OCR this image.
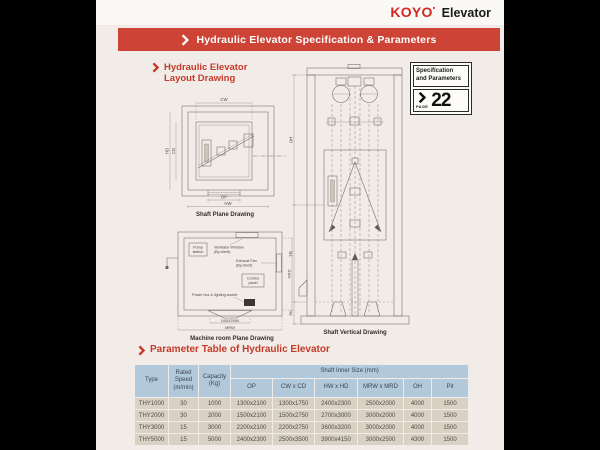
KOYO• Elevator
Hydraulic Elevator Specification & Parameters
Hydraulic Elevator
Layout Drawing
Specification
and Parameters
PAGE 22
CW
HD CD
OP
HW
Shaft Plane Drawing
Pump
station
Ventilator Window
(By client)
Exhaust Fan
(By client)
Control
panel
Power box & lighting socket
1000/2000
MRW
MRD
Machine room Plane Drawing
OH
TR
Pit
Shaft Vertical Drawing
Parameter Table of Hydraulic Elevator
Type	Rated Speed (m/min)	Capacity (Kg)	Shaft Inner Size (mm)					
			OP	CW x CD	HW x HD	MRW x MRD	OH	Pit
THY1000	30	1000	1300x2100	1300x1750	2400x2300	2500x2000	4000	1500
THY2000	30	2000	1500x2100	1500x2750	2700x3000	3000x2000	4000	1500
THY3000	15	3000	2200x2100	2200x2750	3600x3200	3000x2000	4000	1500
THY5000	15	5000	2400x2300	2500x3500	3900x4150	3000x2500	4300	1500
